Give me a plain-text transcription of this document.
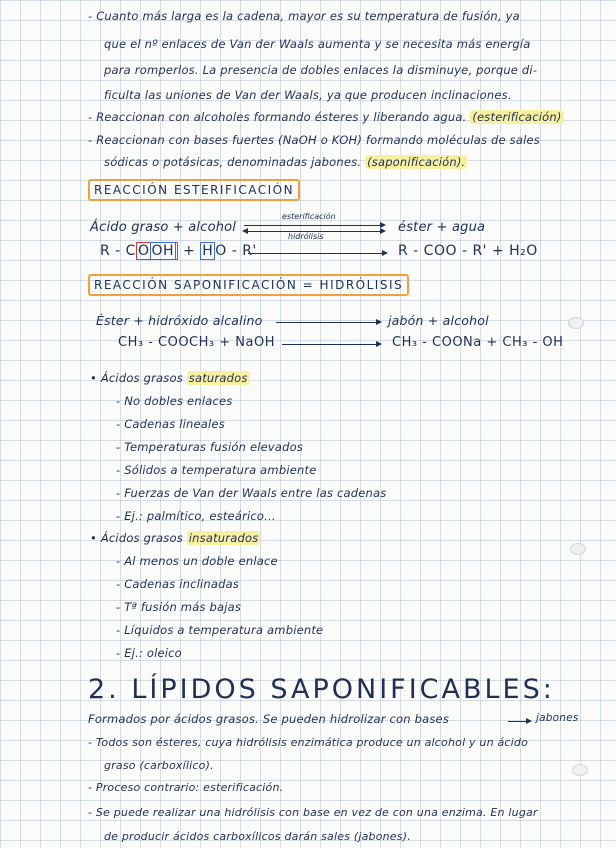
- Cuanto más larga es la cadena, mayor es su temperatura de fusión, ya
que el nº enlaces de Van der Waals aumenta y se necesita más energía
para romperlos. La presencia de dobles enlaces la disminuye, porque di-
ficulta las uniones de Van der Waals, ya que producen inclinaciones.
- Reaccionan con alcoholes formando ésteres y liberando agua. (esterificación)
- Reaccionan con bases fuertes (NaOH o KOH) formando moléculas de sales
sódicas o potásicas, denominadas jabones. (saponificación).
REACCIÓN ESTERIFICACIÓN
Ácido graso + alcohol
esterificación
hidrólisis
éster + agua
R - C O OH + H O - R'	R - COO - R' + H₂O
REACCIÓN SAPONIFICACIÓN = HIDRÓLISIS
Éster + hidróxido alcalino	jabón + alcohol
CH₃ - COOCH₃ + NaOH	CH₃ - COONa + CH₃ - OH
• Ácidos grasos saturados
- No dobles enlaces
- Cadenas lineales
- Temperaturas fusión elevados
- Sólidos a temperatura ambiente
- Fuerzas de Van der Waals entre las cadenas
- Ej.: palmítico, esteárico...
• Ácidos grasos insaturados
- Al menos un doble enlace
- Cadenas inclinadas
- Tª fusión más bajas
- Líquidos a temperatura ambiente
- Ej.: oleico
2. LÍPIDOS SAPONIFICABLES:
Formados por ácidos grasos. Se pueden hidrolizar con bases	jabones
- Todos son ésteres, cuya hidrólisis enzimática produce un alcohol y un ácido
graso (carboxílico).
- Proceso contrario: esterificación.
- Se puede realizar una hidrólisis con base en vez de con una enzima. En lugar
de producir ácidos carboxílicos darán sales (jabones).
